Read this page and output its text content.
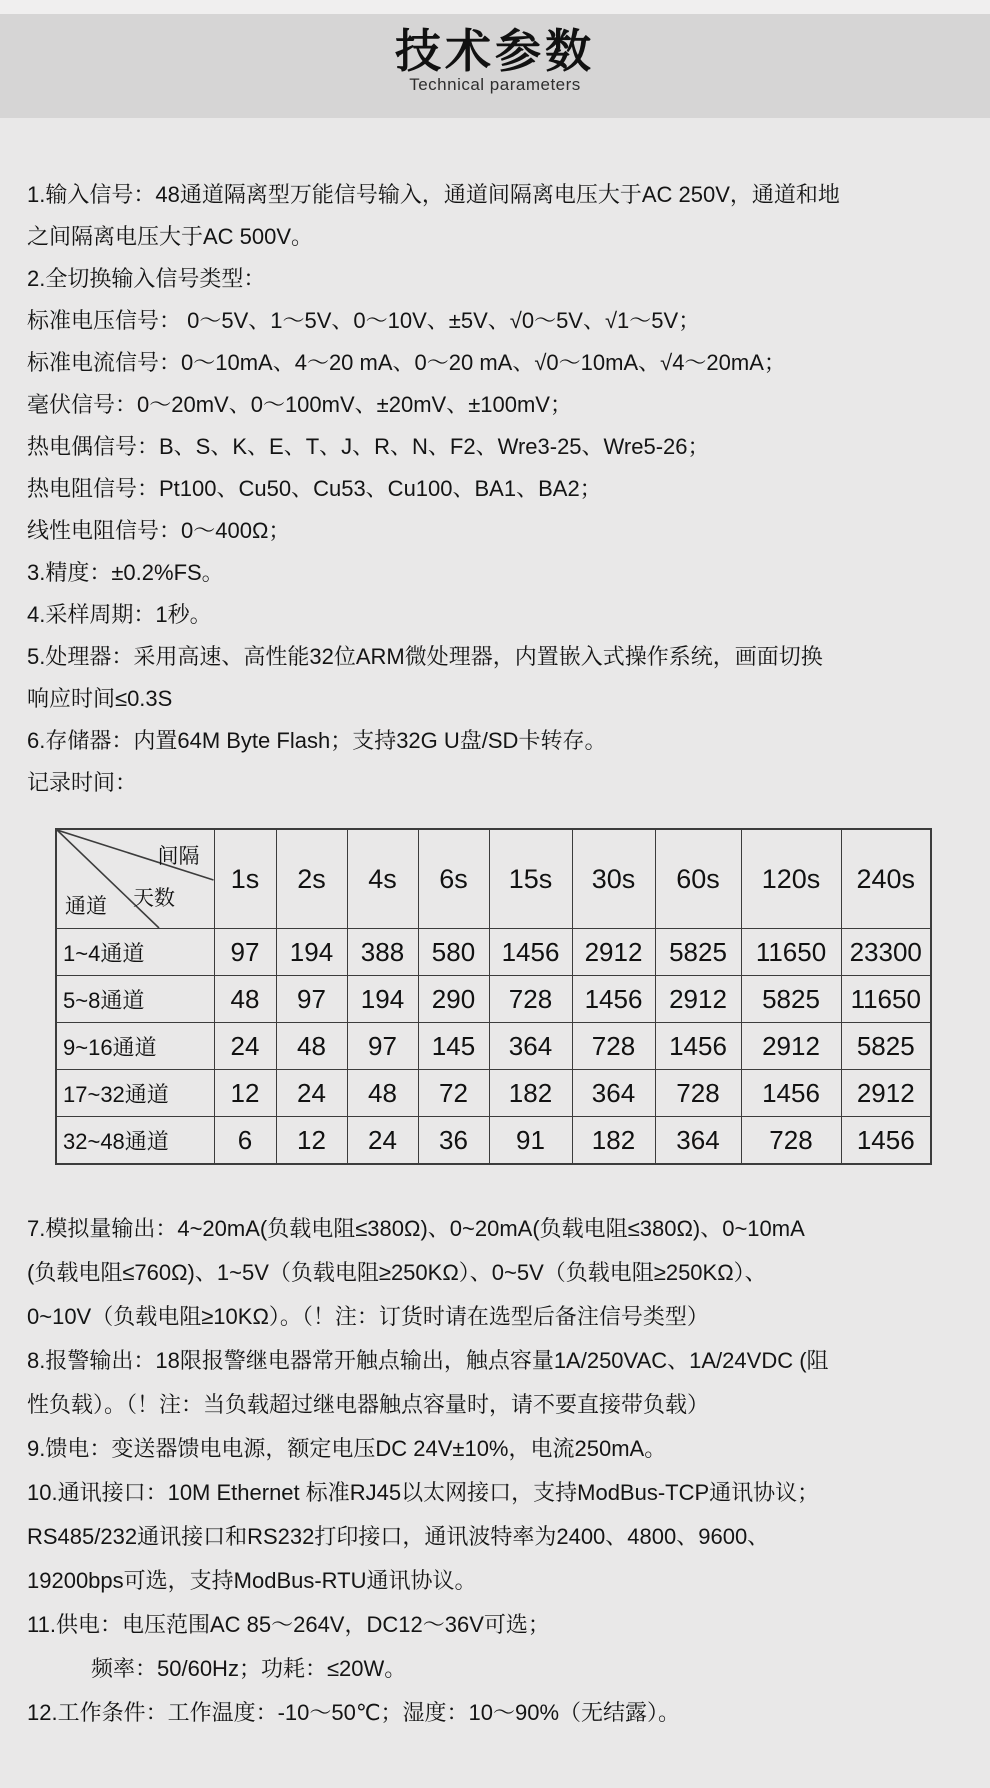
技术参数
Technical parameters
1.输入信号：48通道隔离型万能信号输入，通道间隔离电压大于AC 250V，通道和地
之间隔离电压大于AC 500V。
2.全切换输入信号类型：
标准电压信号： 0～5V、1～5V、0～10V、±5V、√0～5V、√1～5V；
标准电流信号：0～10mA、4～20 mA、0～20 mA、√0～10mA、√4～20mA；
毫伏信号：0～20mV、0～100mV、±20mV、±100mV；
热电偶信号：B、S、K、E、T、J、R、N、F2、Wre3-25、Wre5-26；
热电阻信号：Pt100、Cu50、Cu53、Cu100、BA1、BA2；
线性电阻信号：0～400Ω；
3.精度：±0.2%FS。
4.采样周期：1秒。
5.处理器：采用高速、高性能32位ARM微处理器，内置嵌入式操作系统，画面切换
响应时间≤0.3S
6.存储器：内置64M Byte Flash；支持32G U盘/SD卡转存。
记录时间：
间隔
天数
通道	1s	2s	4s	6s	15s	30s	60s	120s	240s
1~4通道	97	194	388	580	1456	2912	5825	11650	23300
5~8通道	48	97	194	290	728	1456	2912	5825	11650
9~16通道	24	48	97	145	364	728	1456	2912	5825
17~32通道	12	24	48	72	182	364	728	1456	2912
32~48通道	6	12	24	36	91	182	364	728	1456
7.模拟量输出：4~20mA(负载电阻≤380Ω)、0~20mA(负载电阻≤380Ω)、0~10mA
(负载电阻≤760Ω)、1~5V（负载电阻≥250KΩ）、0~5V（负载电阻≥250KΩ）、
0~10V（负载电阻≥10KΩ）。（！注：订货时请在选型后备注信号类型）
8.报警输出：18限报警继电器常开触点输出，触点容量1A/250VAC、1A/24VDC (阻
性负载）。（！注：当负载超过继电器触点容量时，请不要直接带负载）
9.馈电：变送器馈电电源，额定电压DC 24V±10%，电流250mA。
10.通讯接口：10M Ethernet 标准RJ45以太网接口，支持ModBus-TCP通讯协议；
RS485/232通讯接口和RS232打印接口，通讯波特率为2400、4800、9600、
19200bps可选，支持ModBus-RTU通讯协议。
11.供电：电压范围AC 85～264V，DC12～36V可选；
频率：50/60Hz；功耗：≤20W。
12.工作条件：工作温度：-10～50℃；湿度：10～90%（无结露）。
